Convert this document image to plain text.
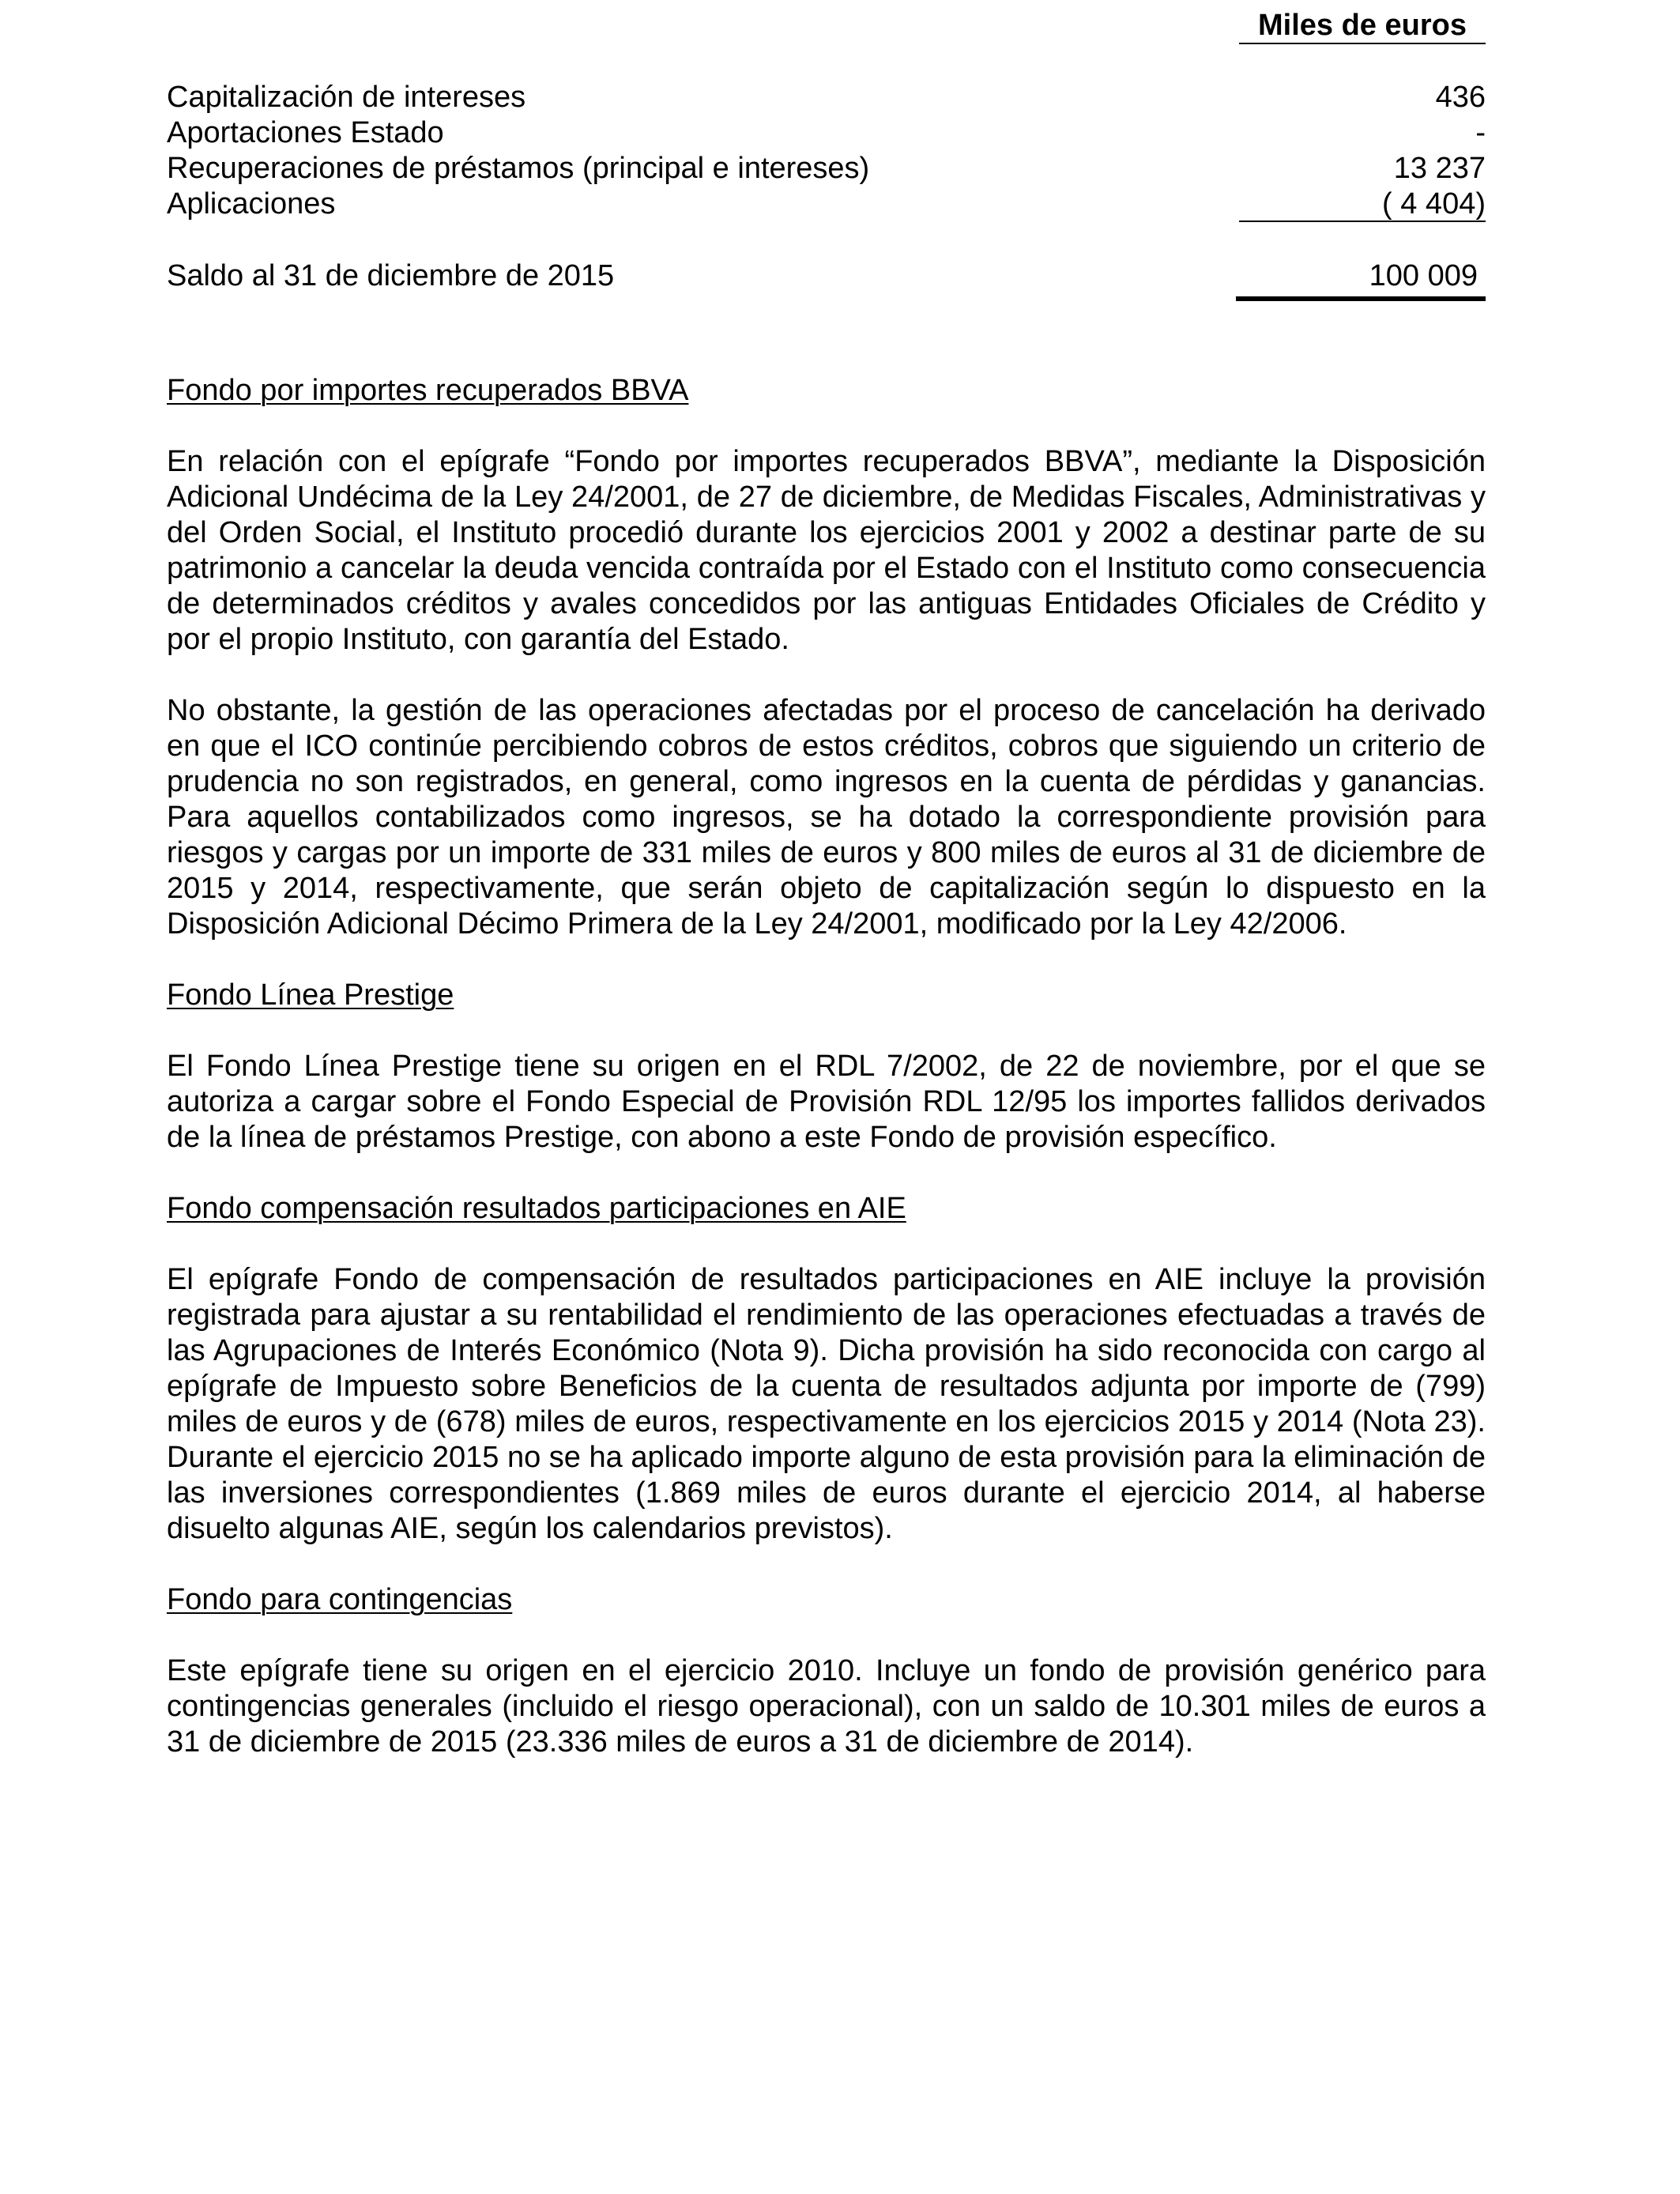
Miles de euros
Capitalización de intereses	436
Aportaciones Estado	-
Recuperaciones de préstamos (principal e intereses)	13 237
Aplicaciones	( 4 404)
Saldo al 31 de diciembre de 2015	100 009

Fondo por importes recuperados BBVA

En relación con el epígrafe “Fondo por importes recuperados BBVA”, mediante la Disposición Adicional Undécima de la Ley 24/2001, de 27 de diciembre, de Medidas Fiscales, Administrativas y del Orden Social, el Instituto procedió durante los ejercicios 2001 y 2002 a destinar parte de su patrimonio a cancelar la deuda vencida contraída por el Estado con el Instituto como consecuencia de determinados créditos y avales concedidos por las antiguas Entidades Oficiales de Crédito y por el propio Instituto, con garantía del Estado.

No obstante, la gestión de las operaciones afectadas por el proceso de cancelación ha derivado en que el ICO continúe percibiendo cobros de estos créditos, cobros que siguiendo un criterio de prudencia no son registrados, en general, como ingresos en la cuenta de pérdidas y ganancias. Para aquellos contabilizados como ingresos, se ha dotado la correspondiente provisión para riesgos y cargas por un importe de 331 miles de euros y 800 miles de euros al 31 de diciembre de 2015 y 2014, respectivamente, que serán objeto de capitalización según lo dispuesto en la Disposición Adicional Décimo Primera de la Ley 24/2001, modificado por la Ley 42/2006.

Fondo Línea Prestige

El Fondo Línea Prestige tiene su origen en el RDL 7/2002, de 22 de noviembre, por el que se autoriza a cargar sobre el Fondo Especial de Provisión RDL 12/95 los importes fallidos derivados de la línea de préstamos Prestige, con abono a este Fondo de provisión específico.

Fondo compensación resultados participaciones en AIE

El epígrafe Fondo de compensación de resultados participaciones en AIE incluye la provisión registrada para ajustar a su rentabilidad el rendimiento de las operaciones efectuadas a través de las Agrupaciones de Interés Económico (Nota 9). Dicha provisión ha sido reconocida con cargo al epígrafe de Impuesto sobre Beneficios de la cuenta de resultados adjunta por importe de (799) miles de euros y de (678) miles de euros, respectivamente en los ejercicios 2015 y 2014 (Nota 23). Durante el ejercicio 2015 no se ha aplicado importe alguno de esta provisión para la eliminación de las inversiones correspondientes (1.869 miles de euros durante el ejercicio 2014, al haberse disuelto algunas AIE, según los calendarios previstos).

Fondo para contingencias

Este epígrafe tiene su origen en el ejercicio 2010. Incluye un fondo de provisión genérico para contingencias generales (incluido el riesgo operacional), con un saldo de 10.301 miles de euros a 31 de diciembre de 2015 (23.336 miles de euros a 31 de diciembre de 2014).
